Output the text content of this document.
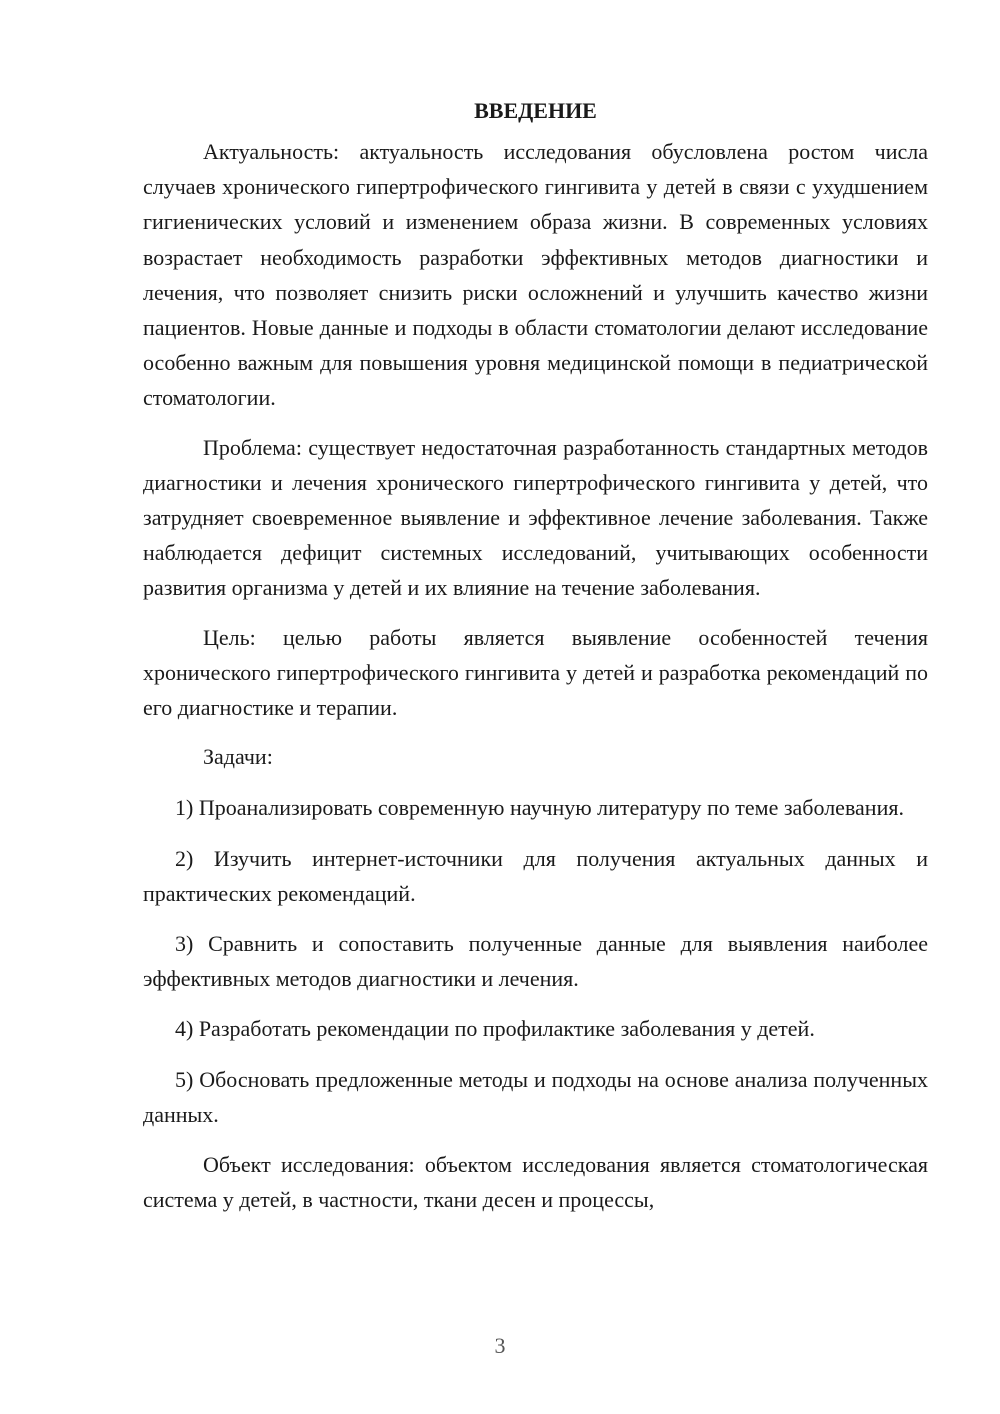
ВВЕДЕНИЕ
Актуальность: актуальность исследования обусловлена ростом числа случаев хронического гипертрофического гингивита у детей в связи с ухудшением гигиенических условий и изменением образа жизни. В современных условиях возрастает необходимость разработки эффективных методов диагностики и лечения, что позволяет снизить риски осложнений и улучшить качество жизни пациентов. Новые данные и подходы в области стоматологии делают исследование особенно важным для повышения уровня медицинской помощи в педиатрической стоматологии.
Проблема: существует недостаточная разработанность стандартных методов диагностики и лечения хронического гипертрофического гингивита у детей, что затрудняет своевременное выявление и эффективное лечение заболевания. Также наблюдается дефицит системных исследований, учитывающих особенности развития организма у детей и их влияние на течение заболевания.
Цель: целью работы является выявление особенностей течения хронического гипертрофического гингивита у детей и разработка рекомендаций по его диагностике и терапии.
Задачи:
1) Проанализировать современную научную литературу по теме заболевания.
2) Изучить интернет-источники для получения актуальных данных и практических рекомендаций.
3) Сравнить и сопоставить полученные данные для выявления наиболее эффективных методов диагностики и лечения.
4) Разработать рекомендации по профилактике заболевания у детей.
5) Обосновать предложенные методы и подходы на основе анализа полученных данных.
Объект исследования: объектом исследования является стоматологическая система у детей, в частности, ткани десен и процессы,
3
